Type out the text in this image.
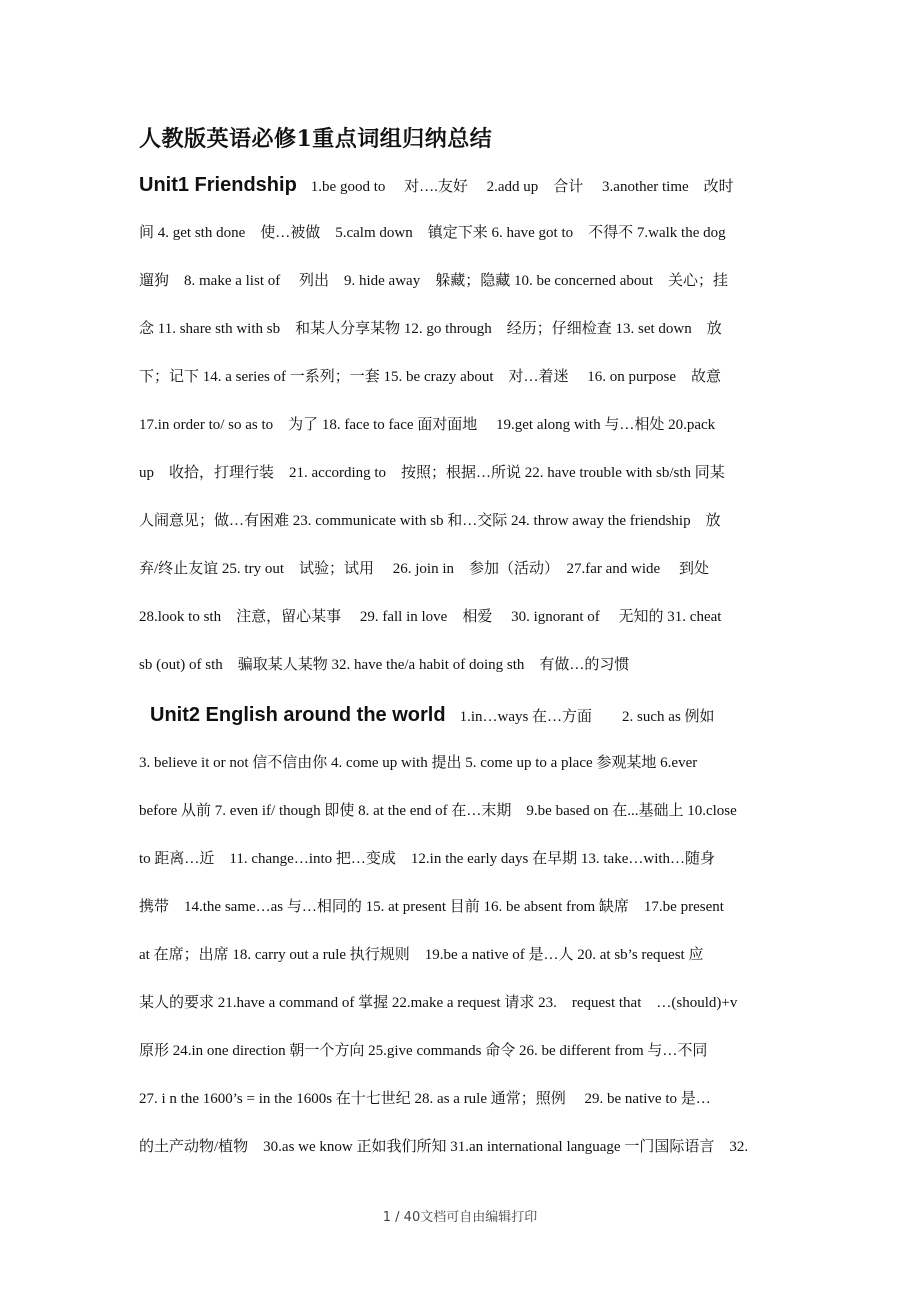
人教版英语必修1重点词组归纳总结
Unit1 Friendship 1.be good to　 对….友好　 2.add up　合计　 3.another time　改时
间 4. get sth done　使…被做　5.calm down　镇定下来 6. have got to　不得不 7.walk the dog
遛狗　8. make a list of　 列出　9. hide away　躲藏；隐藏 10. be concerned about　关心；挂
念 11. share sth with sb　和某人分享某物 12. go through　经历；仔细检查 13. set down　放
下；记下 14. a series of 一系列；一套 15. be crazy about　对…着迷　 16. on purpose　故意
17.in order to/ so as to　为了 18. face to face 面对面地　 19.get along with 与…相处 20.pack
up　收拾，打理行装　21. according to　按照；根据…所说 22. have trouble with sb/sth 同某
人闹意见；做…有困难 23. communicate with sb 和…交际 24. throw away the friendship　放
弃/终止友谊 25. try out　试验；试用　 26. join in　参加（活动）　27.far and wide　 到处
28.look to sth　注意，留心某事　 29. fall in love　相爱　 30. ignorant of　 无知的 31. cheat
sb (out) of sth　骗取某人某物 32. have the/a habit of doing sth　有做…的习惯
Unit2 English around the world 1.in…ways 在…方面　　2. such as 例如
3. believe it or not 信不信由你 4. come up with 提出 5. come up to a place 参观某地 6.ever
before 从前 7. even if/ though 即使 8. at the end of 在…末期　9.be based on 在...基础上 10.close
to 距离…近　11. change…into 把…变成　12.in the early days 在早期 13. take…with…随身
携带　14.the same…as 与…相同的 15. at present 目前 16. be absent from 缺席　17.be present
at 在席；出席 18. carry out a rule 执行规则　19.be a native of 是…人 20. at sb’s request 应
某人的要求 21.have a command of 掌握 22.make a request 请求 23.　request that　…(should)+v
原形 24.in one direction 朝一个方向 25.give commands 命令 26. be different from 与…不同
27. i n the 1600’s = in the 1600s 在十七世纪 28. as a rule 通常；照例　 29. be native to 是…
的土产动物/植物　30.as we know 正如我们所知 31.an international language 一门国际语言　32.
1 / 40文档可自由编辑打印
